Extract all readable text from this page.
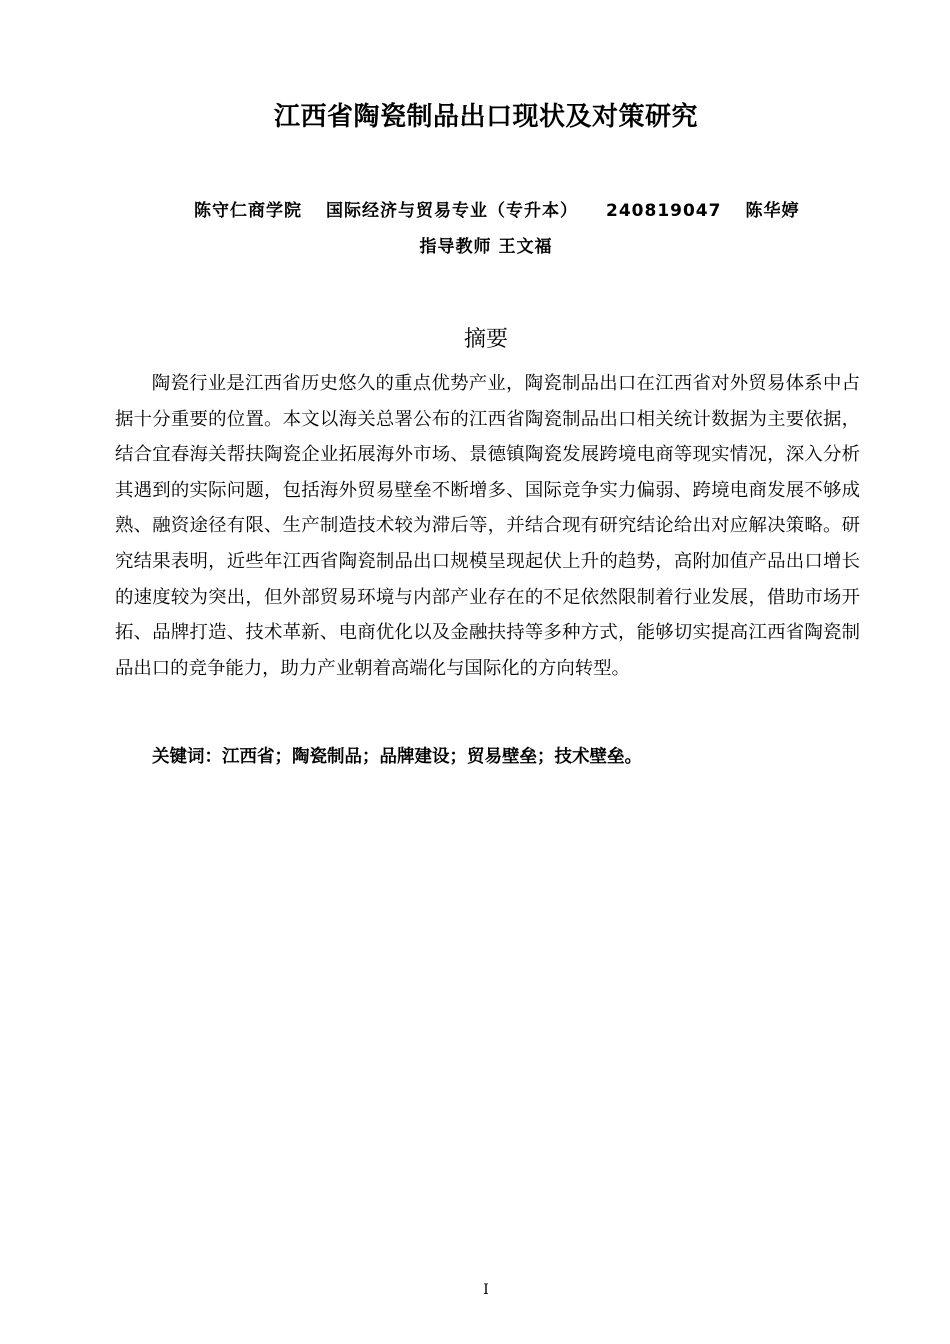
江西省陶瓷制品出口现状及对策研究
陈守仁商学院 国际经济与贸易专业（专升本） 240819047 陈华婷
指导教师 王文福
摘要

陶瓷行业是江西省历史悠久的重点优势产业，陶瓷制品出口在江西省对外贸易体系中占据十分重要的位置。本文以海关总署公布的江西省陶瓷制品出口相关统计数据为主要依据，结合宜春海关帮扶陶瓷企业拓展海外市场、景德镇陶瓷发展跨境电商等现实情况，深入分析其遇到的实际问题，包括海外贸易壁垒不断增多、国际竞争实力偏弱、跨境电商发展不够成熟、融资途径有限、生产制造技术较为滞后等，并结合现有研究结论给出对应解决策略。研究结果表明，近些年江西省陶瓷制品出口规模呈现起伏上升的趋势，高附加值产品出口增长的速度较为突出，但外部贸易环境与内部产业存在的不足依然限制着行业发展，借助市场开拓、品牌打造、技术革新、电商优化以及金融扶持等多种方式，能够切实提高江西省陶瓷制品出口的竞争能力，助力产业朝着高端化与国际化的方向转型。

关键词：江西省；陶瓷制品；品牌建设；贸易壁垒；技术壁垒。
I
